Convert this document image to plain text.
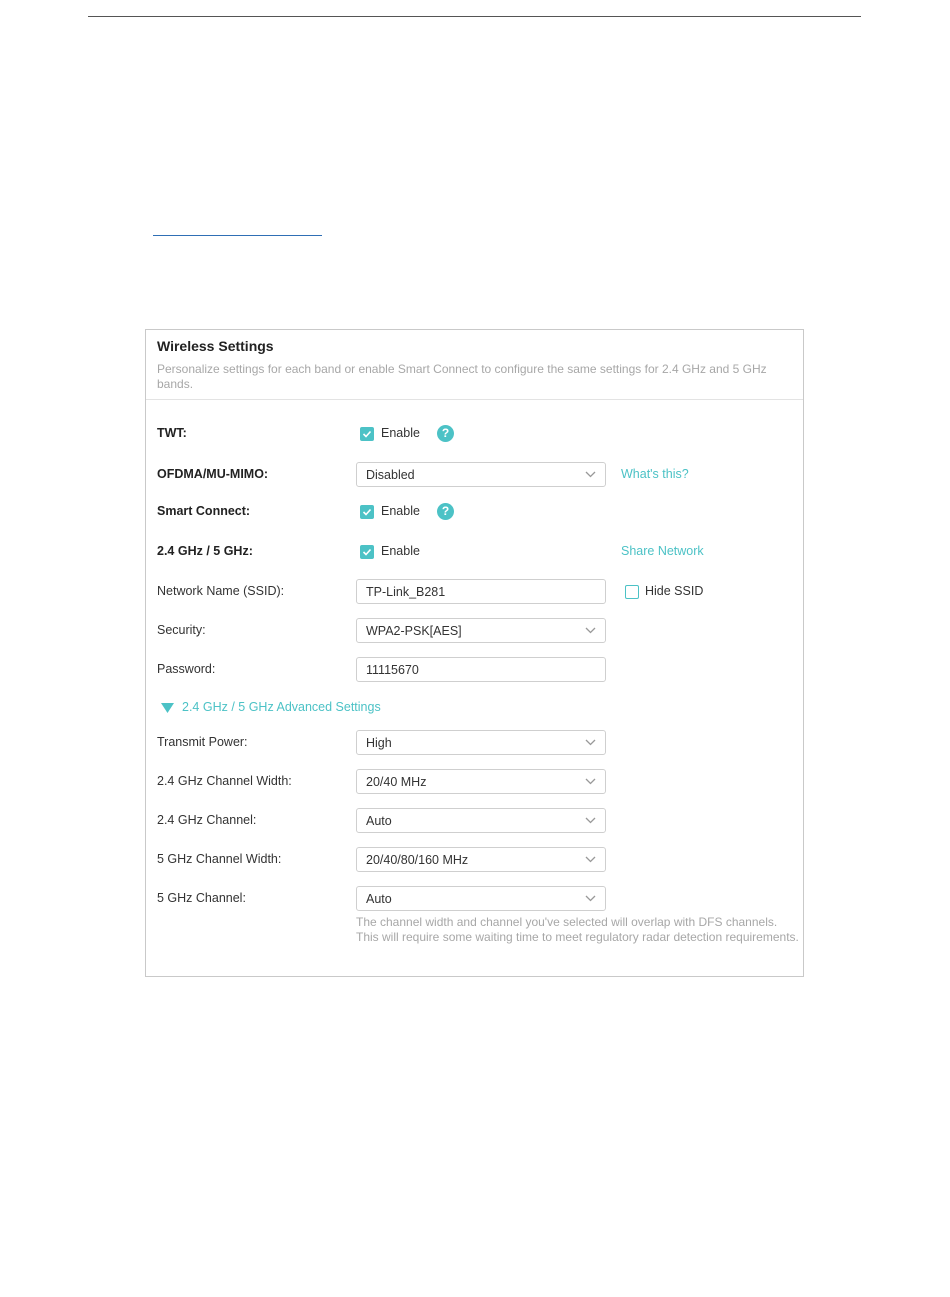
Wireless Settings
Personalize settings for each band or enable Smart Connect to configure the same settings for 2.4 GHz and 5 GHz bands.
TWT:	Enable	?
OFDMA/MU-MIMO:	Disabled	What's this?
Smart Connect:	Enable	?
2.4 GHz / 5 GHz:	Enable	Share Network
Network Name (SSID):	TP-Link_B281	Hide SSID
Security:	WPA2-PSK[AES]
Password:	11115670
2.4 GHz / 5 GHz Advanced Settings
Transmit Power:	High
2.4 GHz Channel Width:	20/40 MHz
2.4 GHz Channel:	Auto
5 GHz Channel Width:	20/40/80/160 MHz
5 GHz Channel:	Auto
The channel width and channel you've selected will overlap with DFS channels. This will require some waiting time to meet regulatory radar detection requirements.
